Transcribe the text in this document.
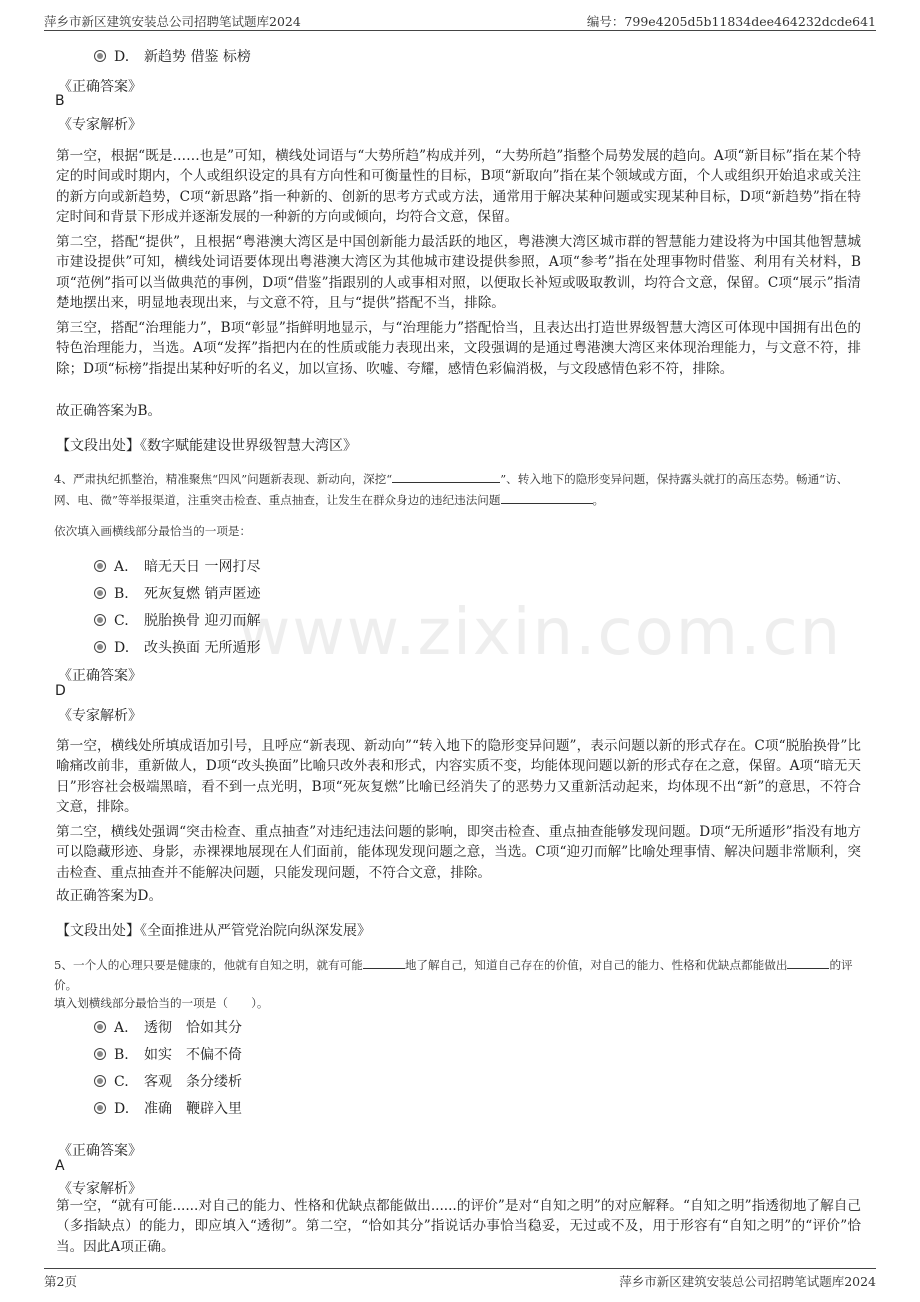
萍乡市新区建筑安装总公司招聘笔试题库2024	编号：799e4205d5b11834dee464232dcde641
www.zixin.com.cn
D. 新趋势 借鉴 标榜
《正确答案》
B
《专家解析》

第一空，根据“既是……也是”可知，横线处词语与“大势所趋”构成并列，“大势所趋”指整个局势发展的趋向。A项“新目标”指在某个特定的时间或时期内，个人或组织设定的具有方向性和可衡量性的目标，B项“新取向”指在某个领域或方面，个人或组织开始追求或关注的新方向或新趋势，C项“新思路”指一种新的、创新的思考方式或方法，通常用于解决某种问题或实现某种目标，D项“新趋势”指在特定时间和背景下形成并逐渐发展的一种新的方向或倾向，均符合文意，保留。

第二空，搭配“提供”，且根据“粤港澳大湾区是中国创新能力最活跃的地区，粤港澳大湾区城市群的智慧能力建设将为中国其他智慧城市建设提供”可知，横线处词语要体现出粤港澳大湾区为其他城市建设提供参照，A项“参考”指在处理事物时借鉴、利用有关材料，B项“范例”指可以当做典范的事例，D项“借鉴”指跟别的人或事相对照，以便取长补短或吸取教训，均符合文意，保留。C项“展示”指清楚地摆出来，明显地表现出来，与文意不符，且与“提供”搭配不当，排除。

第三空，搭配“治理能力”，B项“彰显”指鲜明地显示，与“治理能力”搭配恰当，且表达出打造世界级智慧大湾区可体现中国拥有出色的特色治理能力，当选。A项“发挥”指把内在的性质或能力表现出来，文段强调的是通过粤港澳大湾区来体现治理能力，与文意不符，排除；D项“标榜”指提出某种好听的名义，加以宣扬、吹嘘、夸耀，感情色彩偏消极，与文段感情色彩不符，排除。

故正确答案为B。

【文段出处】《数字赋能建设世界级智慧大湾区》

4、严肃执纪抓整治，精准聚焦“四风”问题新表现、新动向，深挖“	”、转入地下的隐形变异问题，保持露头就打的高压态势。畅通“访、网、电、微”等举报渠道，注重突击检查、重点抽查，让发生在群众身边的违纪违法问题	。

依次填入画横线部分最恰当的一项是：
A. 暗无天日 一网打尽
B. 死灰复燃 销声匿迹
C. 脱胎换骨 迎刃而解
D. 改头换面 无所遁形
《正确答案》
D
《专家解析》

第一空，横线处所填成语加引号，且呼应“新表现、新动向”“转入地下的隐形变异问题”，表示问题以新的形式存在。C项“脱胎换骨”比喻痛改前非，重新做人，D项“改头换面”比喻只改外表和形式，内容实质不变，均能体现问题以新的形式存在之意，保留。A项“暗无天日”形容社会极端黑暗，看不到一点光明，B项“死灰复燃”比喻已经消失了的恶势力又重新活动起来，均体现不出“新”的意思，不符合文意，排除。

第二空，横线处强调“突击检查、重点抽查”对违纪违法问题的影响，即突击检查、重点抽查能够发现问题。D项“无所遁形”指没有地方可以隐藏形迹、身影，赤裸裸地展现在人们面前，能体现发现问题之意，当选。C项“迎刃而解”比喻处理事情、解决问题非常顺利，突击检查、重点抽查并不能解决问题，只能发现问题，不符合文意，排除。

故正确答案为D。

【文段出处】《全面推进从严管党治院向纵深发展》

5、一个人的心理只要是健康的，他就有自知之明，就有可能	地了解自己，知道自己存在的价值，对自己的能力、性格和优缺点都能做出	的评价。

填入划横线部分最恰当的一项是（　　）。
A. 透彻　恰如其分
B. 如实　不偏不倚
C. 客观　条分缕析
D. 准确　鞭辟入里
《正确答案》
A
《专家解析》

第一空，“就有可能......对自己的能力、性格和优缺点都能做出......的评价”是对“自知之明”的对应解释。“自知之明”指透彻地了解自己（多指缺点）的能力，即应填入“透彻”。第二空，“恰如其分”指说话办事恰当稳妥，无过或不及，用于形容有“自知之明”的“评价”恰当。因此A项正确。

第2页	萍乡市新区建筑安装总公司招聘笔试题库2024
